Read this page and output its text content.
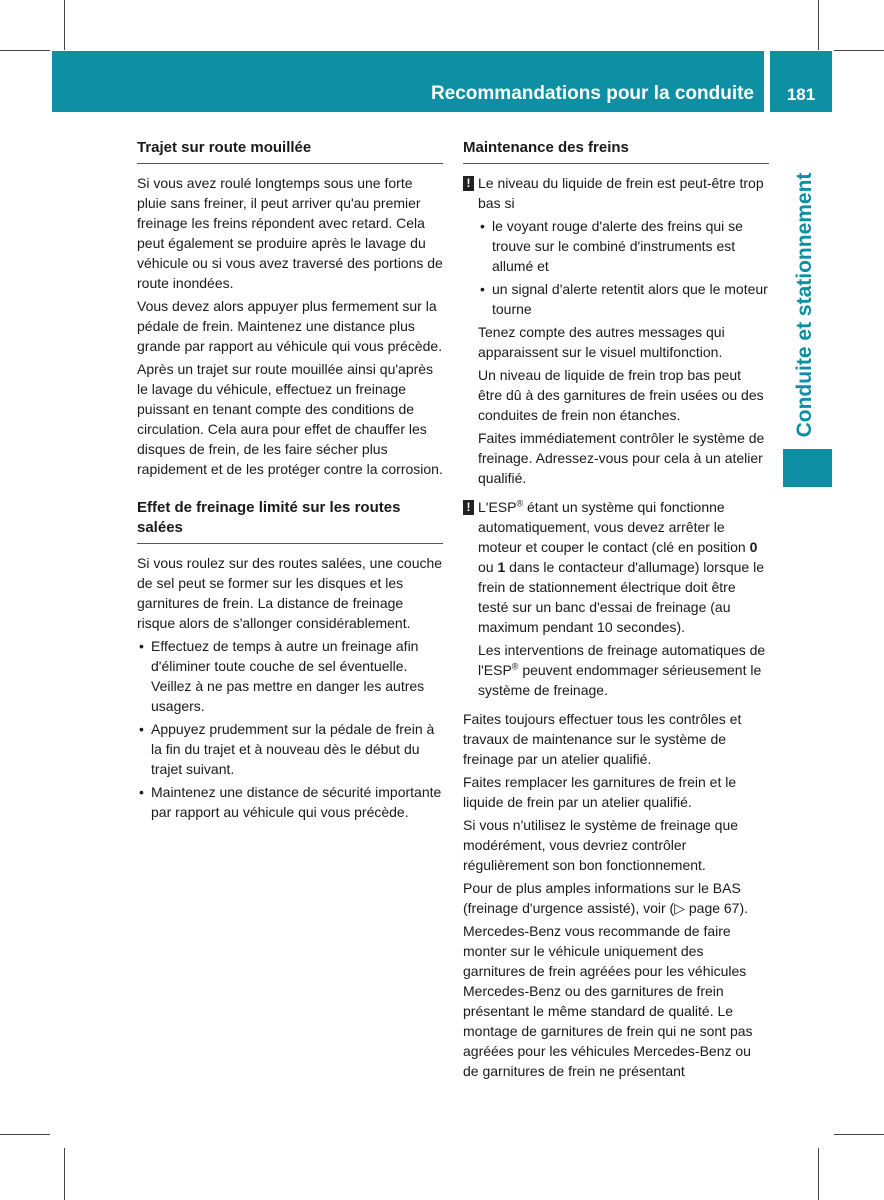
Recommandations pour la conduite	181
Conduite et stationnement
Trajet sur route mouillée

Si vous avez roulé longtemps sous une forte pluie sans freiner, il peut arriver qu'au premier freinage les freins répondent avec retard. Cela peut également se produire après le lavage du véhicule ou si vous avez traversé des portions de route inondées.

Vous devez alors appuyer plus fermement sur la pédale de frein. Maintenez une distance plus grande par rapport au véhicule qui vous précède.

Après un trajet sur route mouillée ainsi qu'après le lavage du véhicule, effectuez un freinage puissant en tenant compte des conditions de circulation. Cela aura pour effet de chauffer les disques de frein, de les faire sécher plus rapidement et de les protéger contre la corrosion.

Effet de freinage limité sur les routes salées

Si vous roulez sur des routes salées, une couche de sel peut se former sur les disques et les garnitures de frein. La distance de freinage risque alors de s'allonger considérablement.

• Effectuez de temps à autre un freinage afin d'éliminer toute couche de sel éventuelle. Veillez à ne pas mettre en danger les autres usagers.
• Appuyez prudemment sur la pédale de frein à la fin du trajet et à nouveau dès le début du trajet suivant.
• Maintenez une distance de sécurité importante par rapport au véhicule qui vous précède.
Maintenance des freins
! Le niveau du liquide de frein est peut-être trop bas si
• le voyant rouge d'alerte des freins qui se trouve sur le combiné d'instruments est allumé et
• un signal d'alerte retentit alors que le moteur tourne

Tenez compte des autres messages qui apparaissent sur le visuel multifonction.

Un niveau de liquide de frein trop bas peut être dû à des garnitures de frein usées ou des conduites de frein non étanches.

Faites immédiatement contrôler le système de freinage. Adressez-vous pour cela à un atelier qualifié.

! L'ESP® étant un système qui fonctionne automatiquement, vous devez arrêter le moteur et couper le contact (clé en position 0 ou 1 dans le contacteur d'allumage) lorsque le frein de stationnement électrique doit être testé sur un banc d'essai de freinage (au maximum pendant 10 secondes).

Les interventions de freinage automatiques de l'ESP® peuvent endommager sérieusement le système de freinage.

Faites toujours effectuer tous les contrôles et travaux de maintenance sur le système de freinage par un atelier qualifié.

Faites remplacer les garnitures de frein et le liquide de frein par un atelier qualifié.

Si vous n'utilisez le système de freinage que modérément, vous devriez contrôler régulièrement son bon fonctionnement.

Pour de plus amples informations sur le BAS (freinage d'urgence assisté), voir (▷ page 67).

Mercedes-Benz vous recommande de faire monter sur le véhicule uniquement des garnitures de frein agréées pour les véhicules Mercedes-Benz ou des garnitures de frein présentant le même standard de qualité. Le montage de garnitures de frein qui ne sont pas agréées pour les véhicules Mercedes-Benz ou de garnitures de frein ne présentant
